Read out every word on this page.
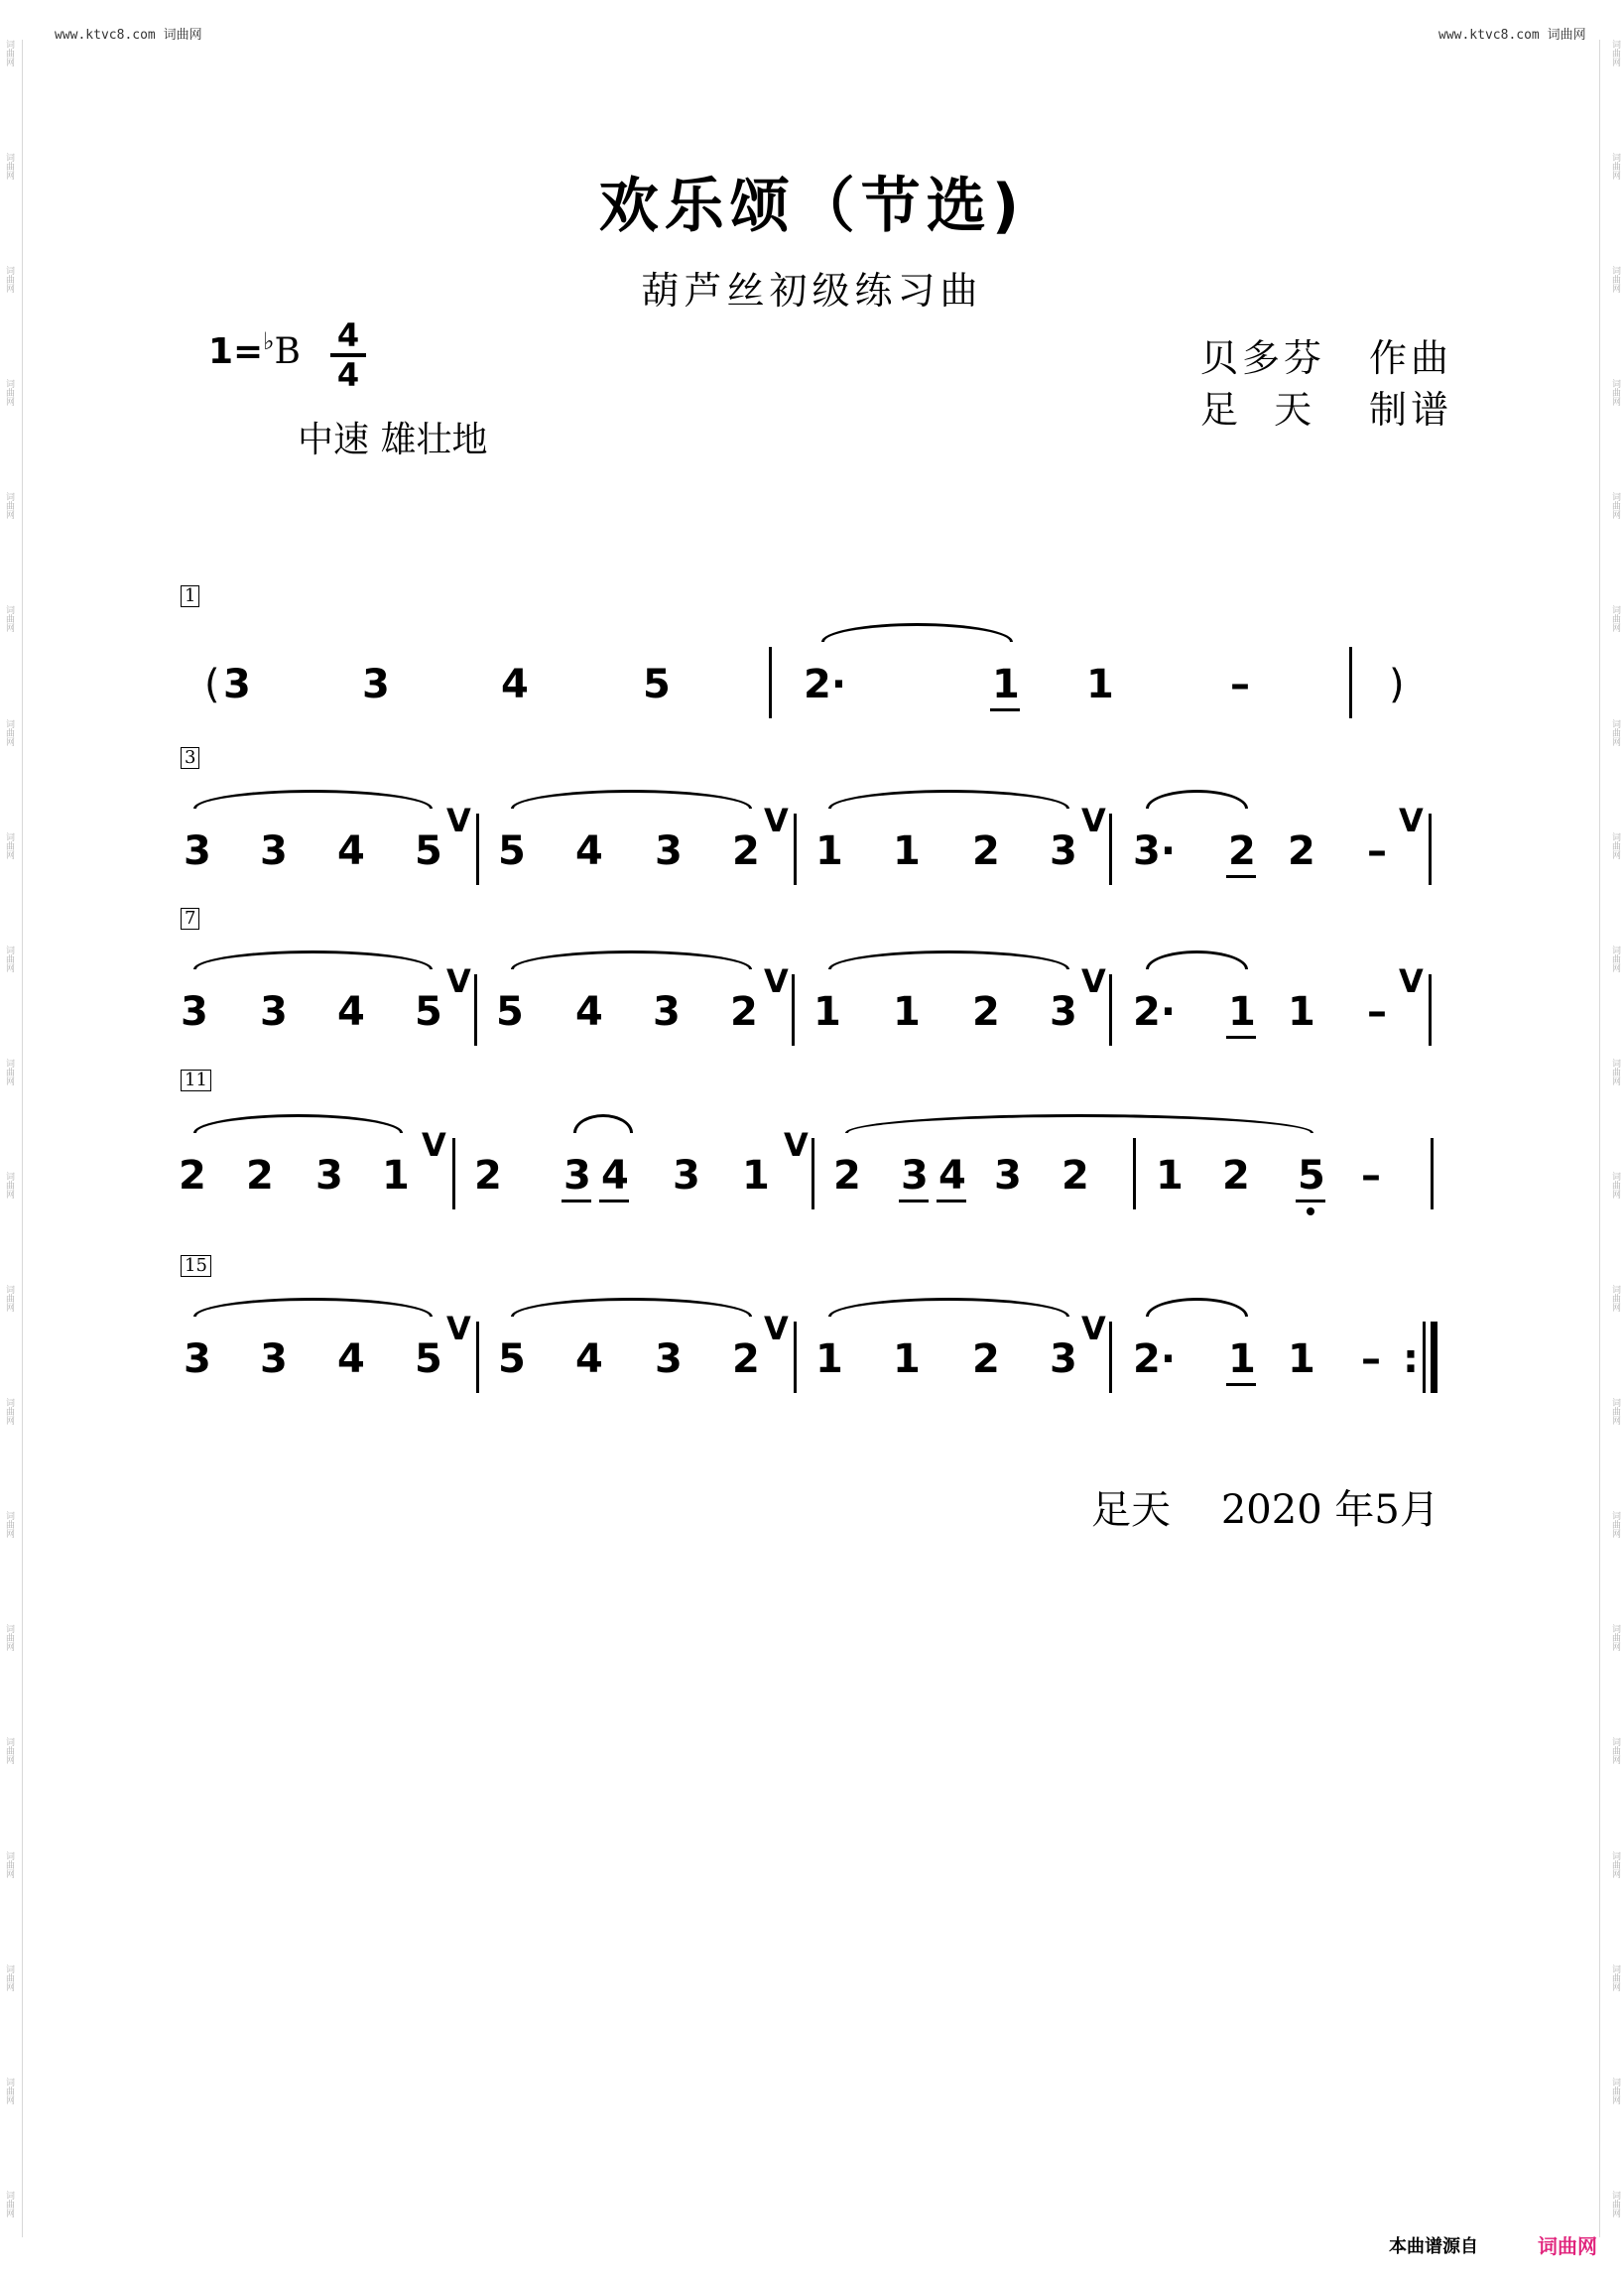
www.ktvc8.com 词曲网	www.ktvc8.com 词曲网
词曲网
词曲网
词曲网
词曲网
词曲网
词曲网
词曲网
词曲网
词曲网
词曲网
词曲网
词曲网
词曲网
词曲网
词曲网
词曲网
词曲网
词曲网
词曲网
词曲网
词曲网
词曲网
词曲网
词曲网
词曲网
词曲网
词曲网
词曲网
词曲网
词曲网
词曲网
词曲网
词曲网
词曲网
词曲网
词曲网
词曲网
词曲网
词曲网
词曲网
欢乐颂（节选)
葫芦丝初级练习曲
1=♭B 4
4
中速 雄壮地
贝多芬 作曲
足  天 制谱
1
( 3	3	4	5	2·	1 1	–	)
3
3 3 4 5
V
5 4 3 2
V
1 1 2 3
V
3· 2 2 –
V
7
3 3 4 5
V
5 4 3 2
V
1 1 2 3
V
2· 1 1 –
V
11
2 2 3 1
V
2 3 4 3 1
V
2 3 4 3 2 1 2 5 –
15
3 3 4 5
V
5 4 3 2
V
1 1 2 3
V
2· 1 1 – :
足天    2020 年5月
本曲谱源自	词曲网
